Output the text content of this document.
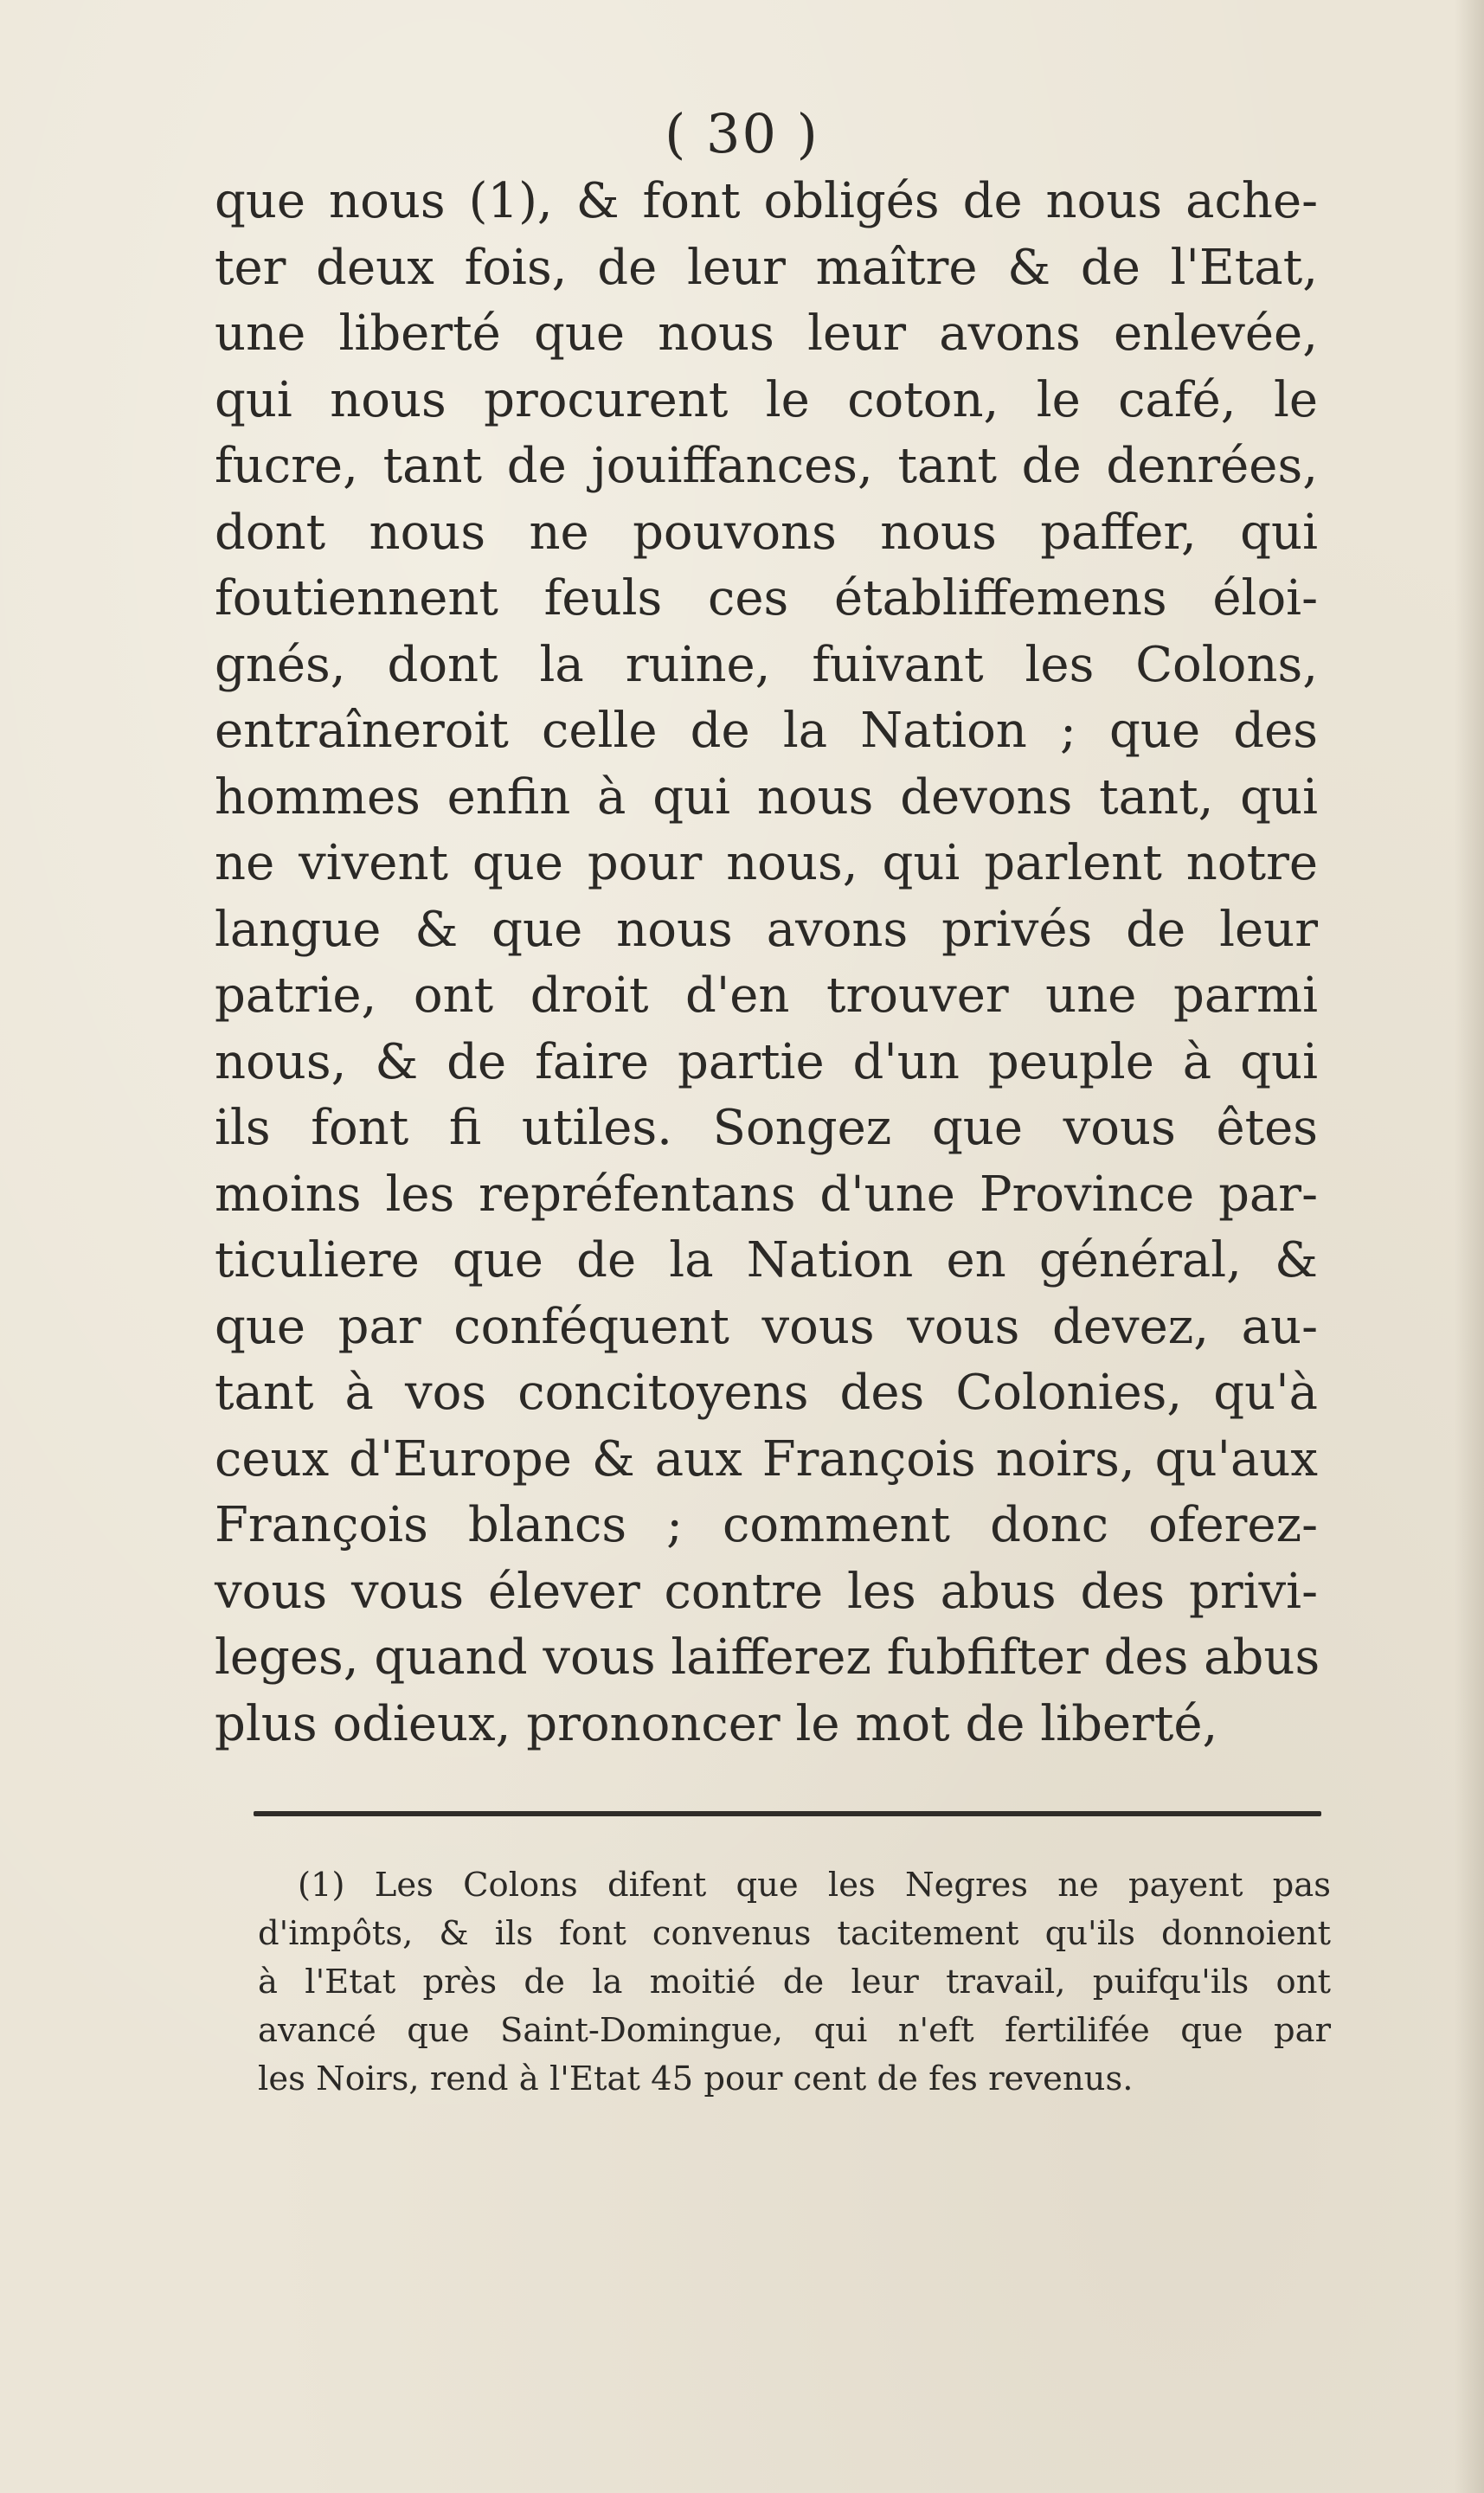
( 30 )
que nous (1), & font obligés de nous ache-
ter deux fois, de leur maître & de l'Etat,
une liberté que nous leur avons enlevée,
qui nous procurent le coton, le café, le
fucre, tant de jouiffances, tant de denrées,
dont nous ne pouvons nous paffer, qui
foutiennent feuls ces établiffemens éloi-
gnés, dont la ruine, fuivant les Colons,
entraîneroit celle de la Nation ; que des
hommes enfin à qui nous devons tant, qui
ne vivent que pour nous, qui parlent notre
langue & que nous avons privés de leur
patrie, ont droit d'en trouver une parmi
nous, & de faire partie d'un peuple à qui
ils font fi utiles. Songez que vous êtes
moins les repréfentans d'une Province par-
ticuliere que de la Nation en général, &
que par conféquent vous vous devez, au-
tant à vos concitoyens des Colonies, qu'à
ceux d'Europe & aux François noirs, qu'aux
François blancs ; comment donc oferez-
vous vous élever contre les abus des privi-
leges, quand vous laifferez fubfifter des abus
plus odieux, prononcer le mot de liberté,
(1) Les Colons difent que les Negres ne payent pas
d'impôts, & ils font convenus tacitement qu'ils donnoient
à l'Etat près de la moitié de leur travail, puifqu'ils ont
avancé que Saint-Domingue, qui n'eft fertilifée que par
les Noirs, rend à l'Etat 45 pour cent de fes revenus.
